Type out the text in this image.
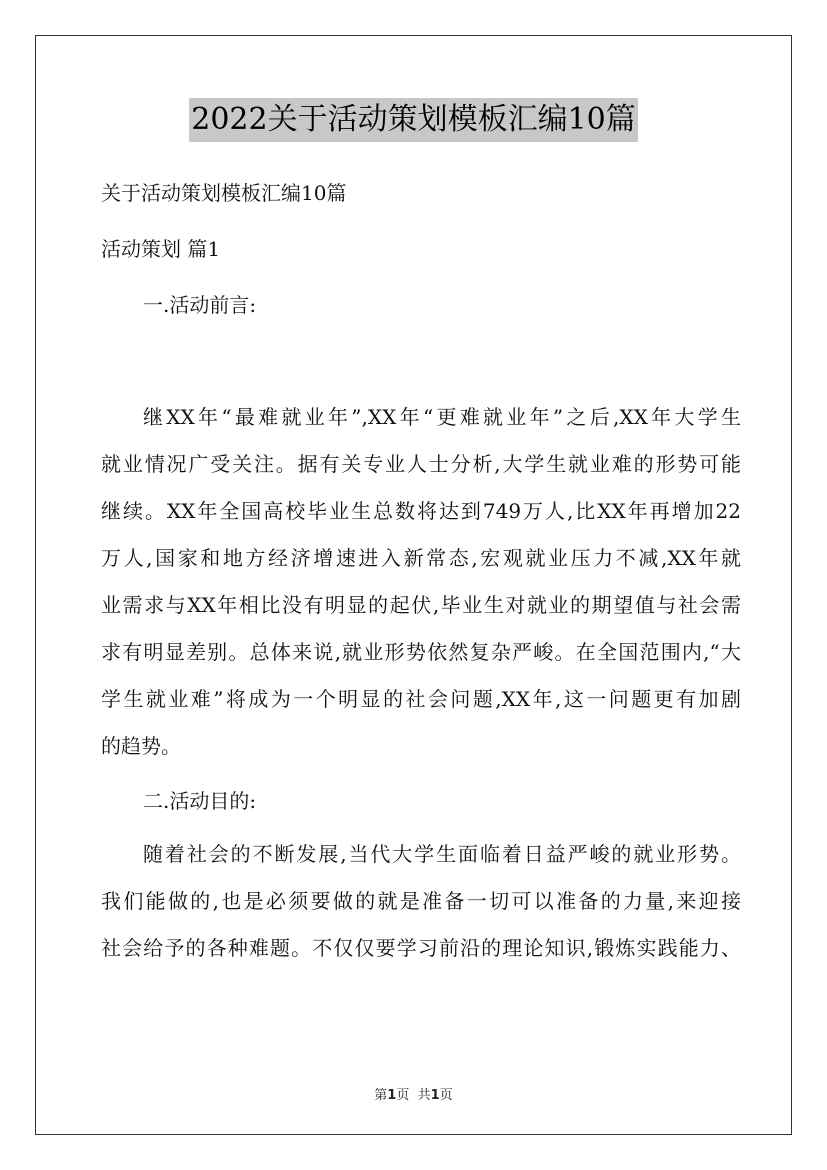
2022关于活动策划模板汇编10篇

关于活动策划模板汇编10篇

活动策划 篇1

一.活动前言:

继XX年“最难就业年”,XX年“更难就业年”之后,XX年大学生
就业情况广受关注。据有关专业人士分析,大学生就业难的形势可能
继续。XX年全国高校毕业生总数将达到749万人,比XX年再增加22
万人,国家和地方经济增速进入新常态,宏观就业压力不减,XX年就
业需求与XX年相比没有明显的起伏,毕业生对就业的期望值与社会需
求有明显差别。总体来说,就业形势依然复杂严峻。在全国范围内,“大
学生就业难”将成为一个明显的社会问题,XX年,这一问题更有加剧
的趋势。

二.活动目的:

随着社会的不断发展,当代大学生面临着日益严峻的就业形势。
我们能做的,也是必须要做的就是准备一切可以准备的力量,来迎接
社会给予的各种难题。不仅仅要学习前沿的理论知识,锻炼实践能力、
第1页 共1页
